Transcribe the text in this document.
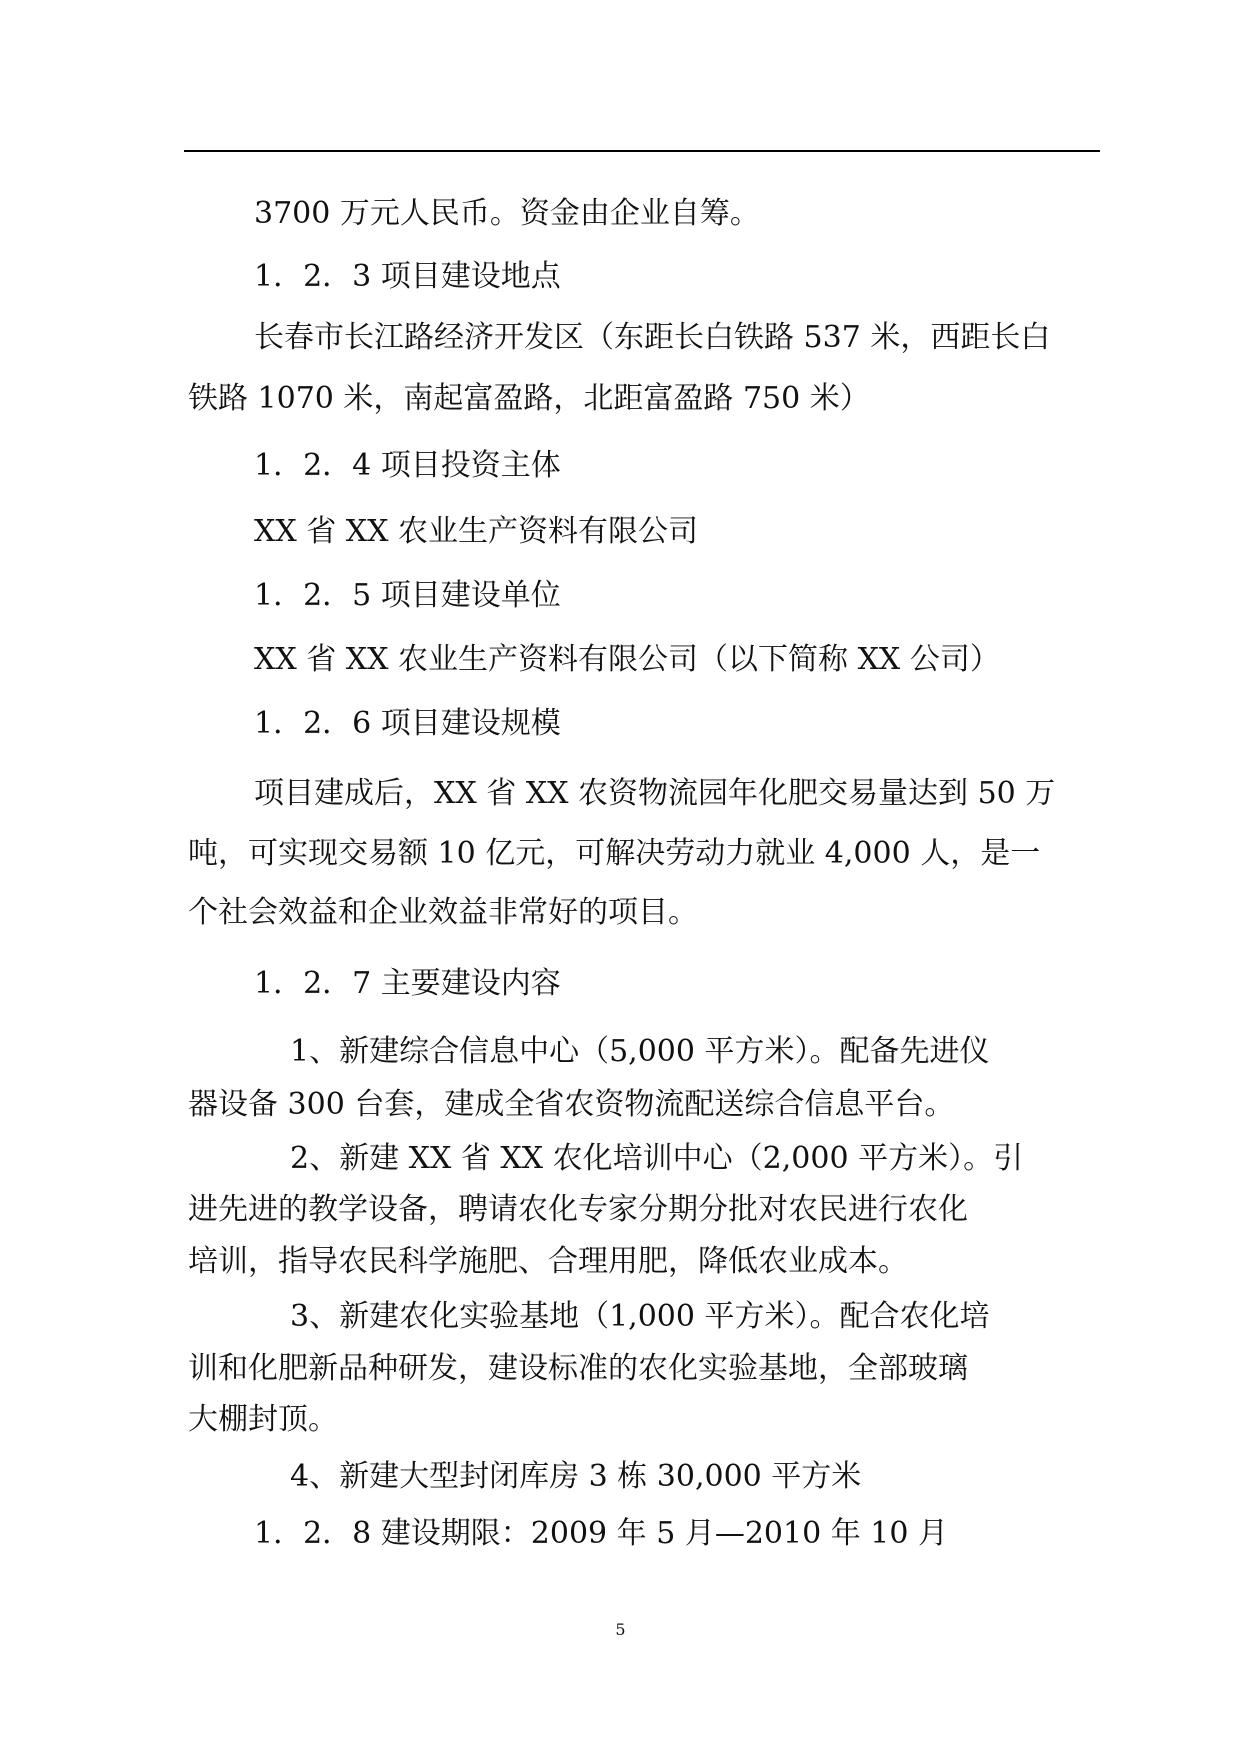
3700 万元人民币。资金由企业自筹。
1．2．3 项目建设地点
长春市长江路经济开发区（东距长白铁路 537 米，西距长白
铁路 1070 米，南起富盈路，北距富盈路 750 米）
1．2．4 项目投资主体
XX 省 XX 农业生产资料有限公司
1．2．5 项目建设单位
XX 省 XX 农业生产资料有限公司（以下简称 XX 公司）
1．2．6 项目建设规模
项目建成后，XX 省 XX 农资物流园年化肥交易量达到 50 万
吨，可实现交易额 10 亿元，可解决劳动力就业 4,000 人，是一
个社会效益和企业效益非常好的项目。
1．2．7 主要建设内容
1、新建综合信息中心（5,000 平方米）。配备先进仪
器设备 300 台套，建成全省农资物流配送综合信息平台。
2、新建 XX 省 XX 农化培训中心（2,000 平方米）。引
进先进的教学设备，聘请农化专家分期分批对农民进行农化
培训，指导农民科学施肥、合理用肥，降低农业成本。
3、新建农化实验基地（1,000 平方米）。配合农化培
训和化肥新品种研发，建设标准的农化实验基地，全部玻璃
大棚封顶。
4、新建大型封闭库房 3 栋 30,000 平方米
1．2．8 建设期限：2009 年 5 月—2010 年 10 月
5
